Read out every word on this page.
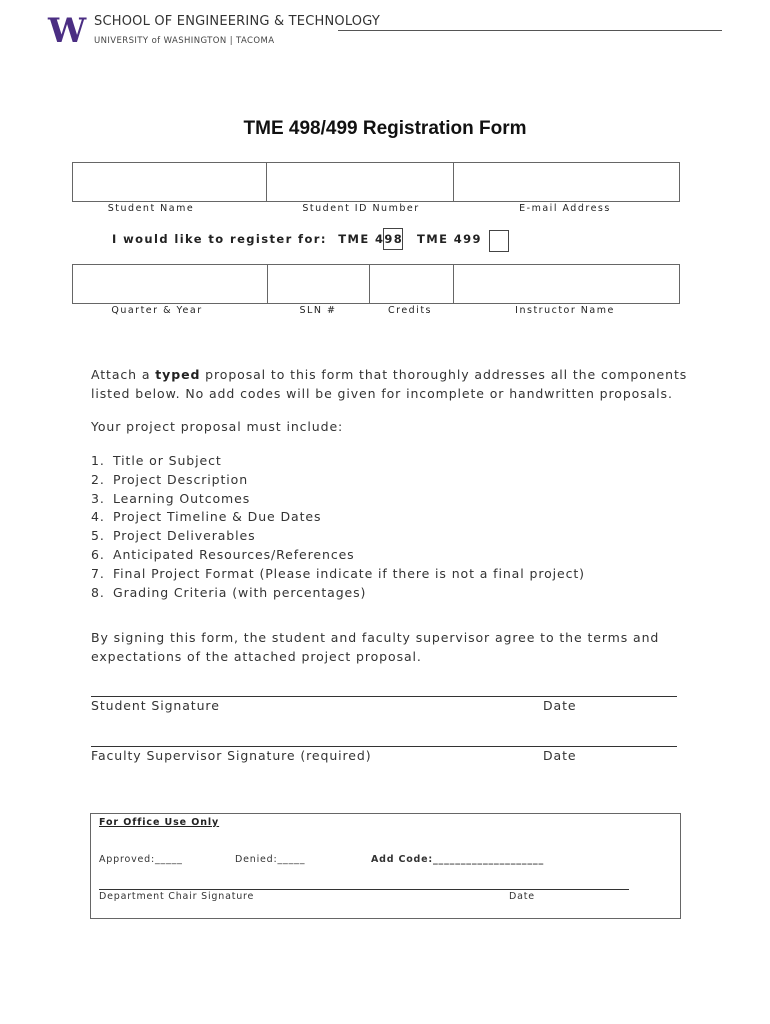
W SCHOOL OF ENGINEERING & TECHNOLOGY
UNIVERSITY of WASHINGTON | TACOMA
TME 498/499 Registration Form
Student Name	Student ID Number	E-mail Address
I would like to register for: TME 498 TME 499
Quarter & Year	SLN #	Credits	Instructor Name
Attach a typed proposal to this form that thoroughly addresses all the components listed below. No add codes will be given for incomplete or handwritten proposals.
Your project proposal must include:
1. Title or Subject
2. Project Description
3. Learning Outcomes
4. Project Timeline & Due Dates
5. Project Deliverables
6. Anticipated Resources/References
7. Final Project Format (Please indicate if there is not a final project)
8. Grading Criteria (with percentages)
By signing this form, the student and faculty supervisor agree to the terms and expectations of the attached project proposal.
Student Signature	Date
Faculty Supervisor Signature (required)	Date
For Office Use Only
Approved:_____	Denied:_____	Add Code:____________________
Department Chair Signature	Date
